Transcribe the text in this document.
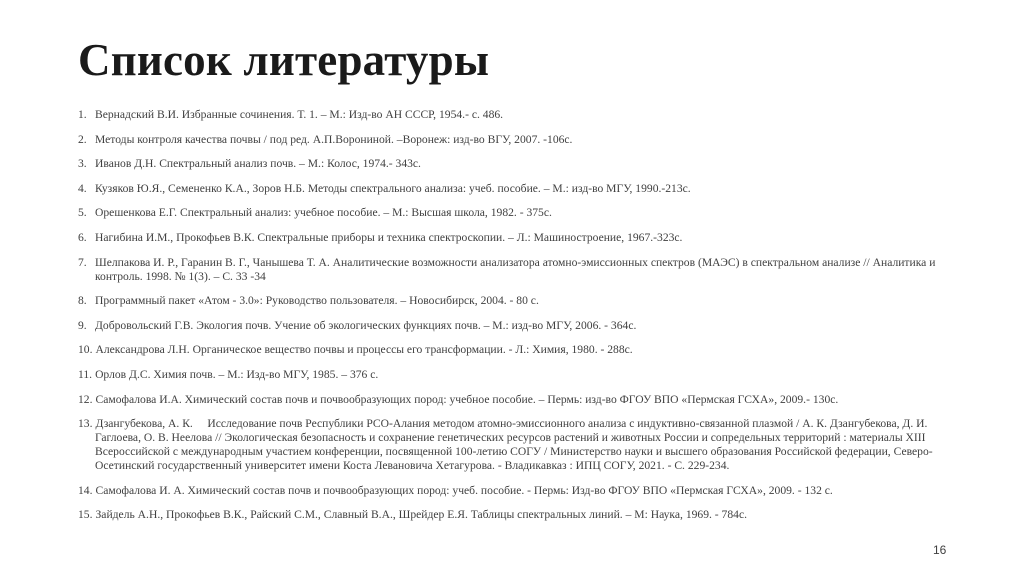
Список литературы
1. Вернадский В.И. Избранные сочинения. Т. 1. – М.: Изд-во АН СССР, 1954.- с. 486.
2. Методы контроля качества почвы / под ред. А.П.Ворониной. –Воронеж: изд-во ВГУ, 2007. -106с.
3. Иванов Д.Н. Спектральный анализ почв. – М.: Колос, 1974.- 343с.
4. Кузяков Ю.Я., Семененко К.А., Зоров Н.Б. Методы спектрального анализа: учеб. пособие. – М.: изд-во МГУ, 1990.-213с.
5. Орешенкова Е.Г. Спектральный анализ: учебное пособие. – М.: Высшая школа, 1982. - 375с.
6. Нагибина И.М., Прокофьев В.К. Спектральные приборы и техника спектроскопии. – Л.: Машиностроение, 1967.-323с.
7. Шелпакова И. Р., Гаранин В. Г., Чанышева Т. А. Аналитические возможности анализатора атомно-эмиссионных спектров (МАЭС) в спектральном анализе // Аналитика и контроль. 1998. № 1(3). – С. 33 -34
8. Программный пакет «Атом - 3.0»: Руководство пользователя. – Новосибирск, 2004. - 80 с.
9. Добровольский Г.В. Экология почв. Учение об экологических функциях почв. – М.: изд-во МГУ, 2006. - 364с.
10. Александрова Л.Н. Органическое вещество почвы и процессы его трансформации. - Л.: Химия, 1980. - 288с.
11. Орлов Д.С. Химия почв. – М.: Изд-во МГУ, 1985. – 376 с.
12. Самофалова И.А. Химический состав почв и почвообразующих пород: учебное пособие. – Пермь: изд-во ФГОУ ВПО «Пермская ГСХА», 2009.- 130с.
13. Дзангубекова, А. К.     Исследование почв Республики РСО-Алания методом атомно-эмиссионного анализа с индуктивно-связанной плазмой / А. К. Дзангубекова, Д. И. Гаглоева, О. В. Неелова // Экологическая безопасность и сохранение генетических ресурсов растений и животных России и сопредельных территорий : материалы XIII Всероссийской с международным участием конференции, посвященной 100-летию СОГУ / Министерство науки и высшего образования Российской федерации, Северо-Осетинский государственный университет имени Коста Левановича Хетагурова. - Владикавказ : ИПЦ СОГУ, 2021. - С. 229-234.
14. Самофалова И. А. Химический состав почв и почвообразующих пород: учеб. пособие. - Пермь: Изд-во ФГОУ ВПО «Пермская ГСХА», 2009. - 132 с.
15. Зайдель А.Н., Прокофьев В.К., Райский С.М., Славный В.А., Шрейдер Е.Я. Таблицы спектральных линий. – М: Наука, 1969. - 784с.
16
